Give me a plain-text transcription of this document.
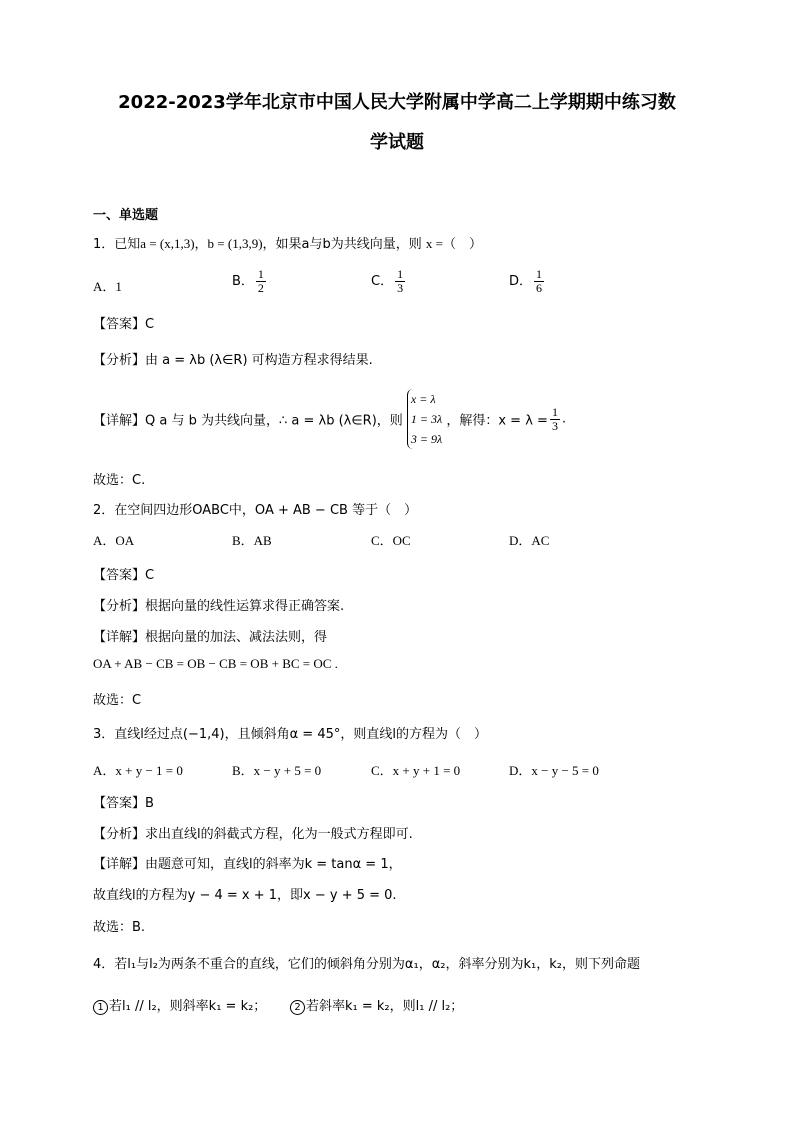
2022-2023学年北京市中国人民大学附属中学高二上学期期中练习数
学试题
一、单选题
1．已知a = (x,1,3)，b = (1,3,9)，如果a与b为共线向量，则 x =（　）
A．1	B． $\frac{1}{2}$	C． $\frac{1}{3}$	D． $\frac{1}{6}$
【答案】C
【分析】由 a = λb (λ∈R) 可构造方程求得结果.
【详解】Q a 与 b 为共线向量，∴ a = λb (λ∈R)，则
x = λ
1 = 3λ
3 = 9λ
，解得：$x = \lambda = \frac{1}{3}$ .
故选：C.
2．在空间四边形OABC中，OA + AB − CB 等于（　）
A．OA	B．AB	C．OC	D．AC
【答案】C
【分析】根据向量的线性运算求得正确答案.
【详解】根据向量的加法、减法法则，得
OA + AB − CB = OB − CB = OB + BC = OC .
故选：C
3．直线l经过点(−1,4)，且倾斜角α = 45°，则直线l的方程为（　）
A．x + y − 1 = 0	B．x − y + 5 = 0	C．x + y + 1 = 0	D．x − y − 5 = 0
【答案】B
【分析】求出直线l的斜截式方程，化为一般式方程即可.
【详解】由题意可知，直线l的斜率为k = tanα = 1，
故直线l的方程为y − 4 = x + 1，即x − y + 5 = 0.
故选：B.
4．若l₁与l₂为两条不重合的直线，它们的倾斜角分别为α₁，α₂，斜率分别为k₁，k₂，则下列命题
1 若l₁ // l₂，则斜率k₁ = k₂；	2 若斜率k₁ = k₂，则l₁ // l₂；
